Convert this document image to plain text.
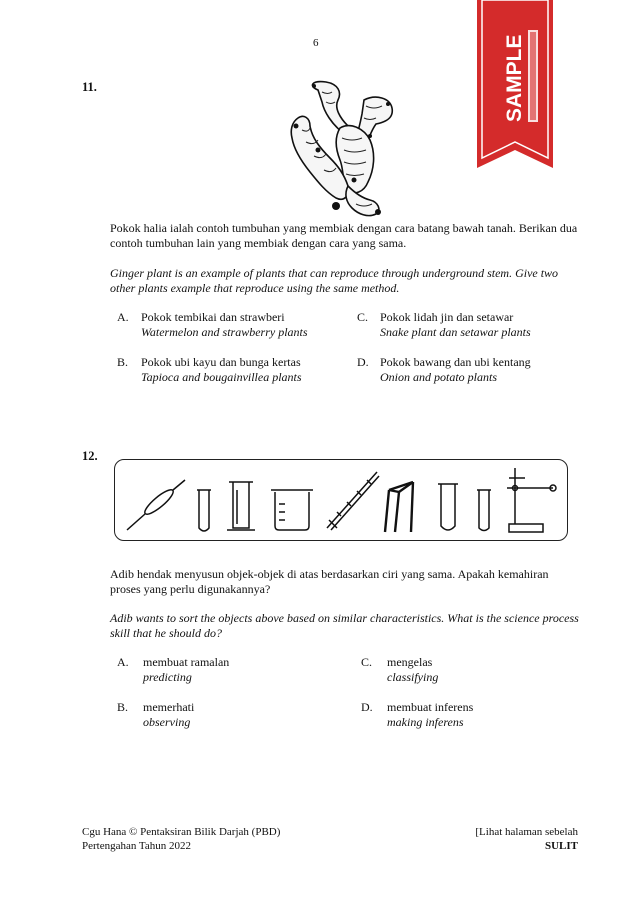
6	SAMPLE
11.

Pokok halia ialah contoh tumbuhan yang membiak dengan cara batang bawah tanah. Berikan dua contoh tumbuhan lain yang membiak dengan cara yang sama.

Ginger plant is an example of plants that can reproduce through underground stem. Give two other plants example that reproduce using the same method.

A. Pokok tembikai dan strawberi
Watermelon and strawberry plants
B. Pokok ubi kayu dan bunga kertas
Tapioca and bougainvillea plants
C. Pokok lidah jin dan setawar
Snake plant dan setawar plants
D. Pokok bawang dan ubi kentang
Onion and potato plants
12.

Adib hendak menyusun objek-objek di atas berdasarkan ciri yang sama. Apakah kemahiran proses yang perlu digunakannya?

Adib wants to sort the objects above based on similar characteristics. What is the science process skill that he should do?

A. membuat ramalan
predicting
B. memerhati
observing
C. mengelas
classifying
D. membuat inferens
making inferens
Cgu Hana © Pentaksiran Bilik Darjah (PBD)
Pertengahan Tahun 2022
[Lihat halaman sebelah
SULIT
